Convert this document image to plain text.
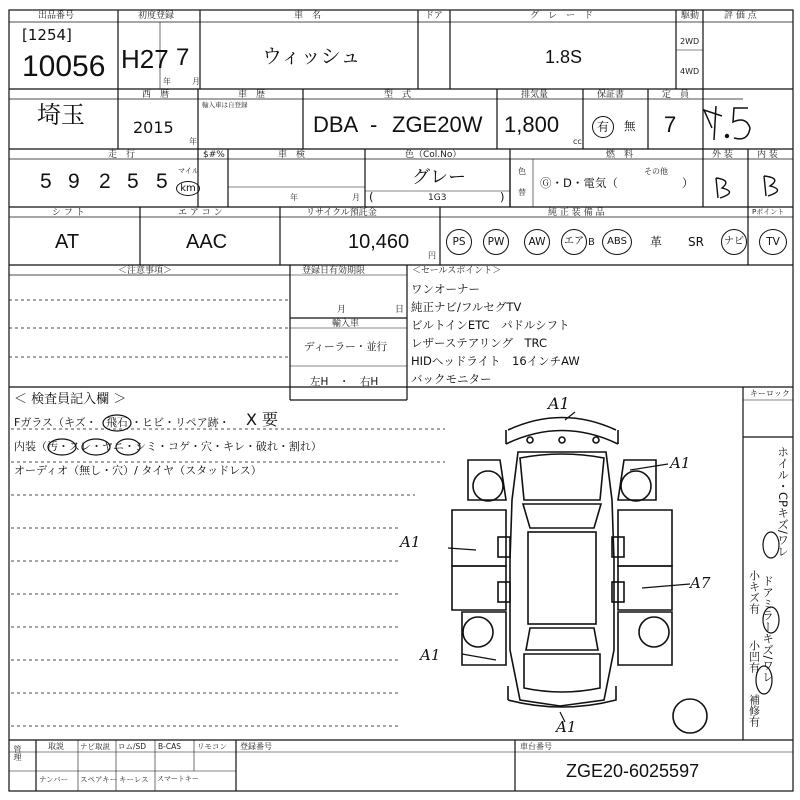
出品番号
[1254]
10056
初度登録
H27 7
年	月
車　名
ウィッシュ
ドア	グ　レ　ー　ド
1.8S
駆動
2WD
4WD
評 価 点
埼玉
西　暦
2015
年
車　歴
輸入車は自登録
型　式
DBA - ZGE20W
排気量
1,800
cc
保証書
有	無
定　員
7
走　行
5 9 2 5 5 マイル
km
$#%	車　検
年	月
色（Col.No）
グレー
(	1G3	)
色
替
燃　料
Ⓖ・D・電気（
その他
）
外 装	内 装
シ フ ト
AT
エ ア コ ン
AAC
リサイクル預託金
10,460
円
純 正 装 備 品	Pポイント
PS	PW	AW	エア B	ABS	革 SR	ナビ	TV
＜注意事項＞	登録日有効期限
月	日
輸入車
ディーラー・並行
左H　・　右H
＜セールスポイント＞
ワンオーナー
純正ナビ/フルセグTV
ビルトインETC　パドルシフト
レザーステアリング　TRC
HIDヘッドライト　16インチAW
バックモニター
＜ 検査員記入欄 ＞
Fガラス（キズ・ 飛石 ・ヒビ・リペア跡・ X 要
内装（汚・スレ・ヤニ・シミ・コゲ・穴・キレ・破れ・割れ）
オーディオ（無し・穴）/ タイヤ（スタッドレス）
A1
A1
A1
A7
A1
A1
キーロック
ホイル・CPキズ/ワレ
ドアミラーキズ/ワレ
小キズ有
小凹有
補修有
管理	取説 ナビ取説 ロム/SD B-CAS リモコン
ナンバー スペアキー キーレス スマートキー
登録番号	車台番号
ZGE20-6025597
